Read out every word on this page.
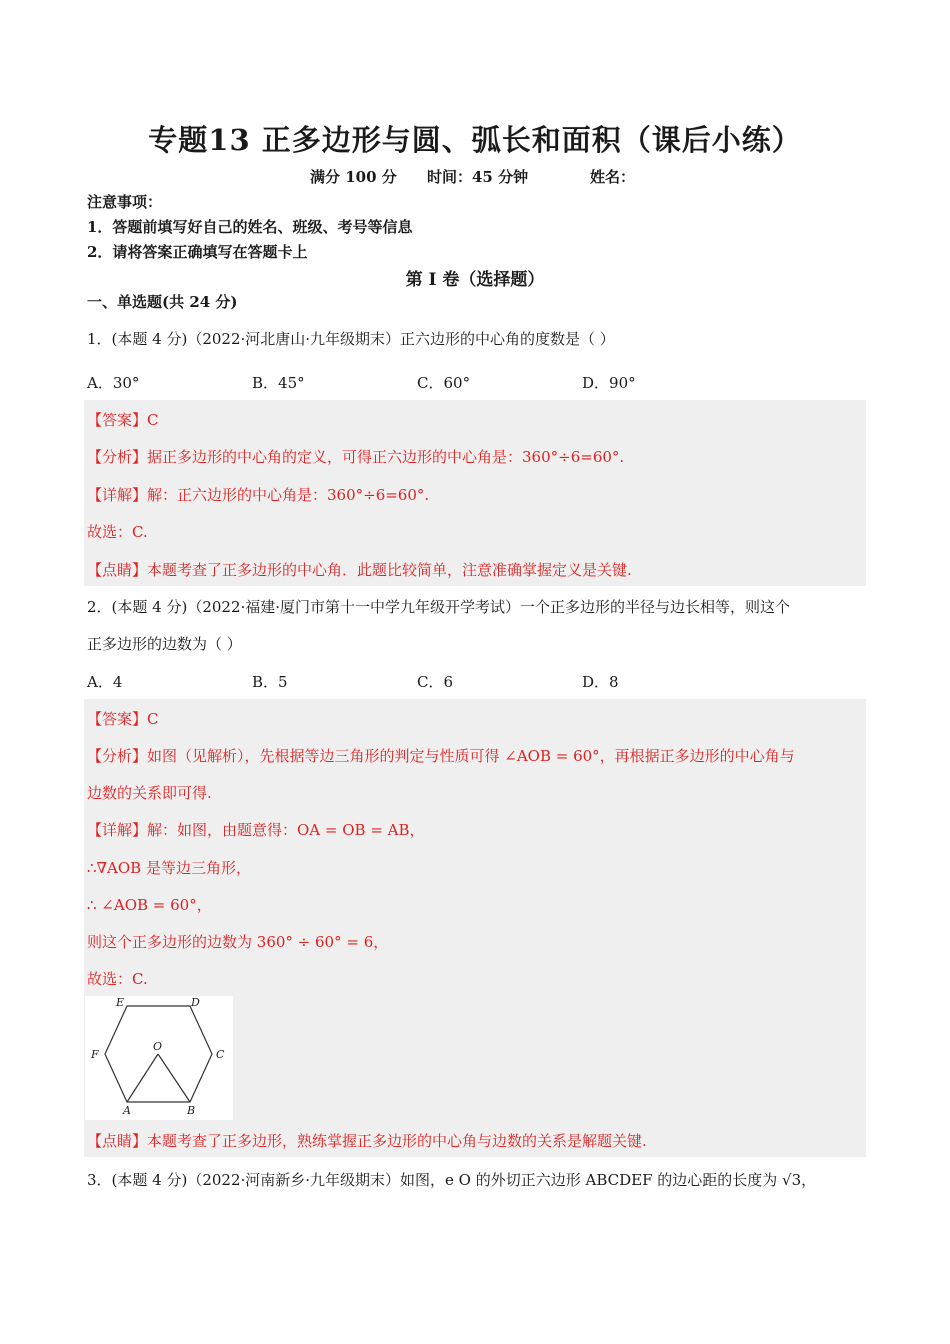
专题13 正多边形与圆、弧长和面积（课后小练）
满分 100 分 时间：45 分钟	姓名：
注意事项：
1．答题前填写好自己的姓名、班级、考号等信息
2．请将答案正确填写在答题卡上
第 I 卷（选择题）
一、单选题(共 24 分)
1．(本题 4 分)（2022·河北唐山·九年级期末）正六边形的中心角的度数是（ ）
A．30°	B．45°	C．60°	D．90°
【答案】C
【分析】据正多边形的中心角的定义，可得正六边形的中心角是：360°÷6=60°.
【详解】解：正六边形的中心角是：360°÷6=60°.
故选：C.
【点睛】本题考查了正多边形的中心角．此题比较简单，注意准确掌握定义是关键.
2．(本题 4 分)（2022·福建·厦门市第十一中学九年级开学考试）一个正多边形的半径与边长相等，则这个
正多边形的边数为（ ）
A．4	B．5	C．6	D．8
【答案】C
【分析】如图（见解析），先根据等边三角形的判定与性质可得 ∠AOB = 60°，再根据正多边形的中心角与
边数的关系即可得.
【详解】解：如图，由题意得：OA = OB = AB，
∴∇AOB 是等边三角形，
∴ ∠AOB = 60°，
则这个正多边形的边数为 360° ÷ 60° = 6，
故选：C.
E	D
F
O
C
A	B
【点睛】本题考查了正多边形，熟练掌握正多边形的中心角与边数的关系是解题关键.
3．(本题 4 分)（2022·河南新乡·九年级期末）如图，e O 的外切正六边形 ABCDEF 的边心距的长度为 √3，
